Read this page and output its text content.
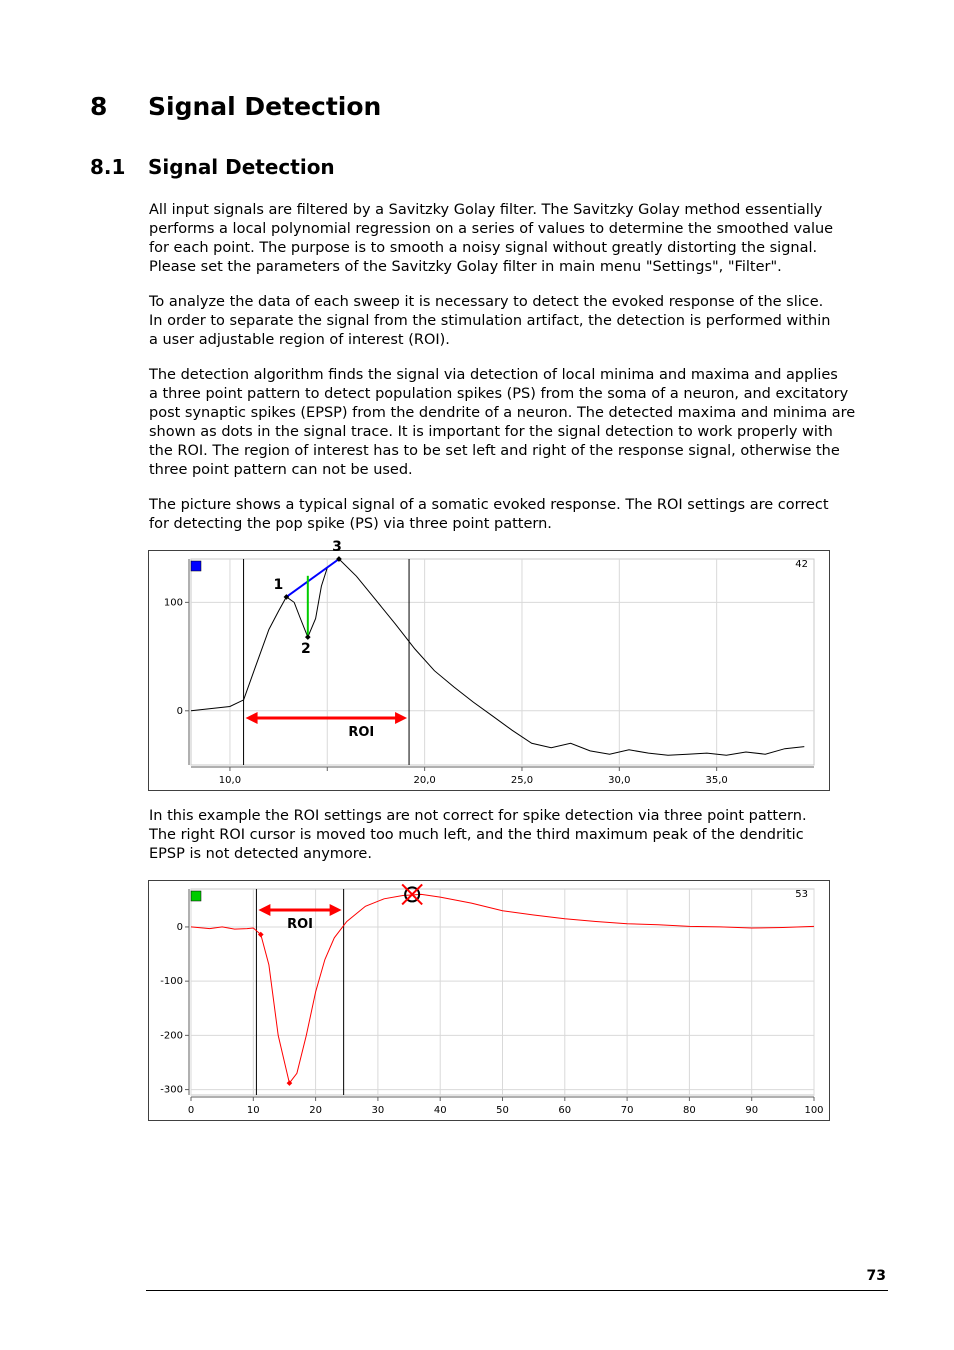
8 Signal Detection
8.1 Signal Detection
All input signals are filtered by a Savitzky Golay filter. The Savitzky Golay method essentially
performs a local polynomial regression on a series of values to determine the smoothed value
for each point. The purpose is to smooth a noisy signal without greatly distorting the signal.
Please set the parameters of the Savitzky Golay filter in main menu "Settings", "Filter".
To analyze the data of each sweep it is necessary to detect the evoked response of the slice.
In order to separate the signal from the stimulation artifact, the detection is performed within
a user adjustable region of interest (ROI).
The detection algorithm finds the signal via detection of local minima and maxima and applies
a three point pattern to detect population spikes (PS) from the soma of a neuron, and excitatory
post synaptic spikes (EPSP) from the dendrite of a neuron. The detected maxima and minima are
shown as dots in the signal trace. It is important for the signal detection to work properly with
the ROI. The region of interest has to be set left and right of the response signal, otherwise the
three point pattern can not be used.
The picture shows a typical signal of a somatic evoked response. The ROI settings are correct
for detecting the pop spike (PS) via three point pattern.
100
0
10,0	20,0	25,0	30,0	35,0
42
ROI
1
2
3
In this example the ROI settings are not correct for spike detection via three point pattern.
The right ROI cursor is moved too much left, and the third maximum peak of the dendritic
EPSP is not detected anymore.
0
-100
-200
-300
0	10	20	30	40	50	60	70	80	90	100
53
ROI
73
